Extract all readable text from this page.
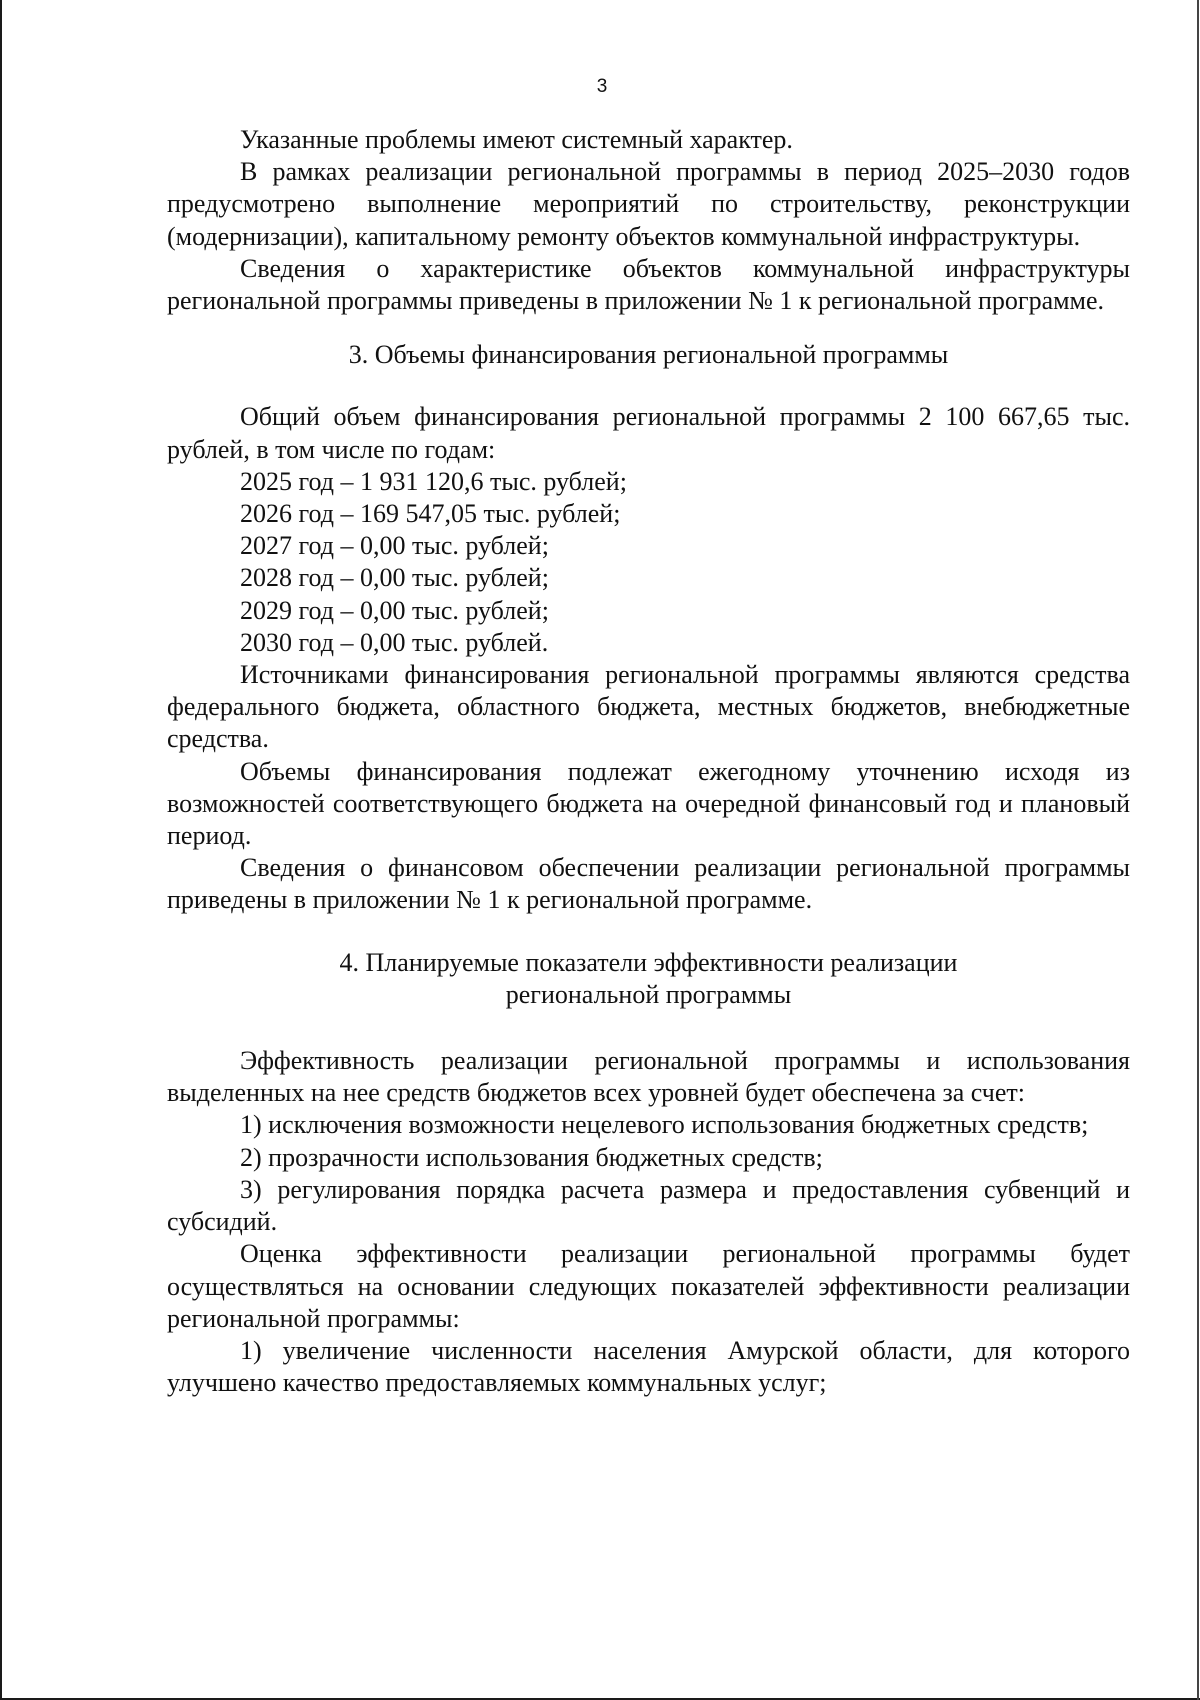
3

Указанные проблемы имеют системный характер.

В рамках реализации региональной программы в период 2025–2030 годов предусмотрено выполнение мероприятий по строительству, реконструкции (модернизации), капитальному ремонту объектов коммунальной инфраструктуры.

Сведения о характеристике объектов коммунальной инфраструктуры региональной программы приведены в приложении № 1 к региональной программе.

3. Объемы финансирования региональной программы

Общий объем финансирования региональной программы 2 100 667,65 тыс. рублей, в том числе по годам:

2025 год – 1 931 120,6 тыс. рублей;

2026 год – 169 547,05 тыс. рублей;

2027 год – 0,00 тыс. рублей;

2028 год – 0,00 тыс. рублей;

2029 год – 0,00 тыс. рублей;

2030 год – 0,00 тыс. рублей.

Источниками финансирования региональной программы являются средства федерального бюджета, областного бюджета, местных бюджетов, внебюджетные средства.

Объемы финансирования подлежат ежегодному уточнению исходя из возможностей соответствующего бюджета на очередной финансовый год и плановый период.

Сведения о финансовом обеспечении реализации региональной программы приведены в приложении № 1 к региональной программе.

4. Планируемые показатели эффективности реализации

региональной программы

Эффективность реализации региональной программы и использования выделенных на нее средств бюджетов всех уровней будет обеспечена за счет:

1) исключения возможности нецелевого использования бюджетных средств;

2) прозрачности использования бюджетных средств;

3) регулирования порядка расчета размера и предоставления субвенций и субсидий.

Оценка эффективности реализации региональной программы будет осуществляться на основании следующих показателей эффективности реализации региональной программы:

1) увеличение численности населения Амурской области, для которого улучшено качество предоставляемых коммунальных услуг;
